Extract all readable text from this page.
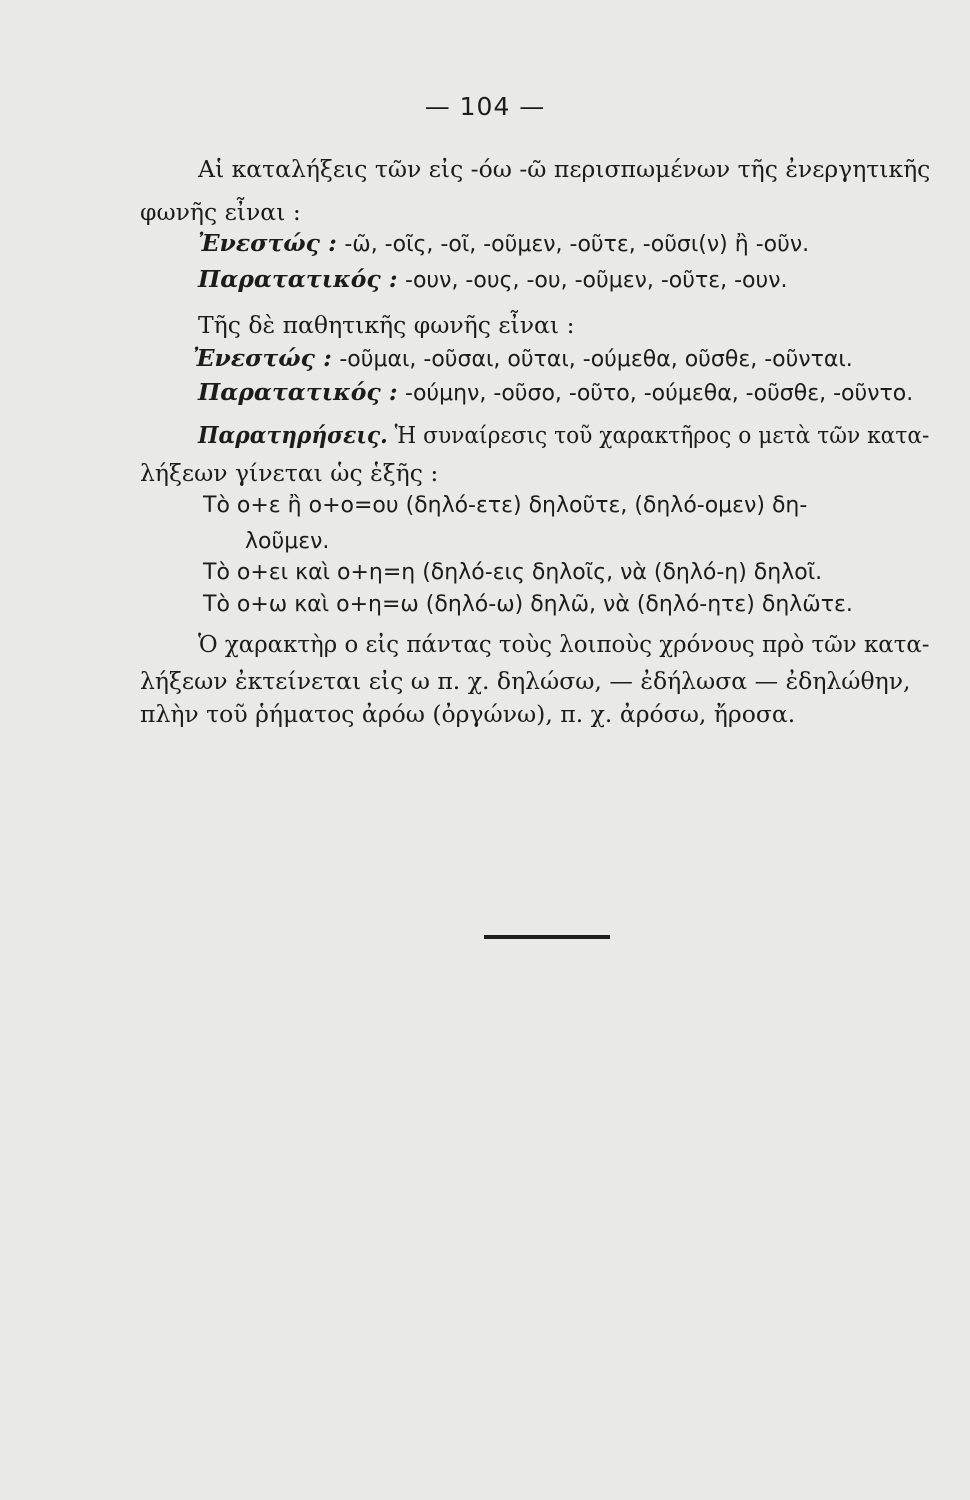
— 104 —
Αἱ καταλήξεις τῶν εἰς -όω -ῶ περισπωμένων τῆς ἐνεργητικῆς
φωνῆς εἶναι :
Ἐνεστώς : -ῶ, -οῖς, -οῖ, -οῦμεν, -οῦτε, -οῦσι(ν) ἢ -οῦν.
Παρατατικός : -ουν, -ους, -ου, -οῦμεν, -οῦτε, -ουν.
Τῆς δὲ παθητικῆς φωνῆς εἶναι :
Ἐνεστώς : -οῦμαι, -οῦσαι, οῦται, -ούμεθα, οῦσθε, -οῦνται.
Παρατατικός : -ούμην, -οῦσο, -οῦτο, -ούμεθα, -οῦσθε, -οῦντο.
Παρατηρήσεις. Ἡ συναίρεσις τοῦ χαρακτῆρος ο μετὰ τῶν κατα-
λήξεων γίνεται ὡς ἑξῆς :
Τὸ ο+ε ἢ ο+ο=ου (δηλό-ετε) δηλοῦτε, (δηλό-ομεν) δη-
λοῦμεν.
Τὸ ο+ει καὶ ο+η=η (δηλό-εις δηλοῖς, νὰ (δηλό-η) δηλοῖ.
Τὸ ο+ω καὶ ο+η=ω (δηλό-ω) δηλῶ, νὰ (δηλό-ητε) δηλῶτε.
Ὁ χαρακτὴρ ο εἰς πάντας τοὺς λοιποὺς χρόνους πρὸ τῶν κατα-
λήξεων ἐκτείνεται εἰς ω π. χ. δηλώσω, — ἐδήλωσα — ἐδηλώθην,
πλὴν τοῦ ῥήματος ἀρόω (ὀργώνω), π. χ. ἀρόσω, ἤροσα.
